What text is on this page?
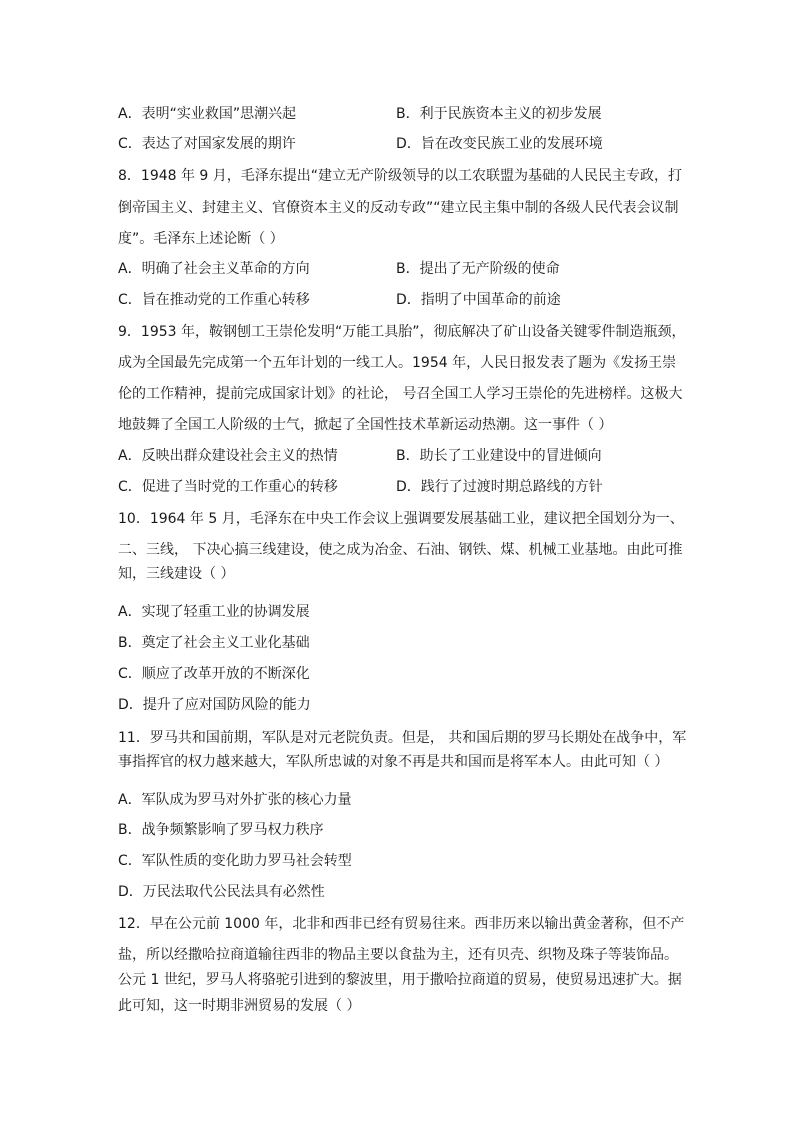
A．表明“实业救国”思潮兴起	B．利于民族资本主义的初步发展
C．表达了对国家发展的期许	D．旨在改变民族工业的发展环境
8．1948 年 9 月，毛泽东提出“建立无产阶级领导的以工农联盟为基础的人民民主专政，打
倒帝国主义、封建主义、官僚资本主义的反动专政”“建立民主集中制的各级人民代表会议制
度”。毛泽东上述论断（ ）
A．明确了社会主义革命的方向	B．提出了无产阶级的使命
C．旨在推动党的工作重心转移	D．指明了中国革命的前途
9．1953 年，鞍钢刨工王崇伦发明“万能工具胎”，彻底解决了矿山设备关键零件制造瓶颈，
成为全国最先完成第一个五年计划的一线工人。1954 年，人民日报发表了题为《发扬王崇
伦的工作精神，提前完成国家计划》的社论， 号召全国工人学习王崇伦的先进榜样。这极大
地鼓舞了全国工人阶级的士气，掀起了全国性技术革新运动热潮。这一事件（ ）
A．反映出群众建设社会主义的热情	B．助长了工业建设中的冒进倾向
C．促进了当时党的工作重心的转移	D．践行了过渡时期总路线的方针
10．1964 年 5 月，毛泽东在中央工作会议上强调要发展基础工业，建议把全国划分为一、
二、三线， 下决心搞三线建设，使之成为冶金、石油、钢铁、煤、机械工业基地。由此可推
知，三线建设（ ）
A．实现了轻重工业的协调发展
B．奠定了社会主义工业化基础
C．顺应了改革开放的不断深化
D．提升了应对国防风险的能力
11．罗马共和国前期，军队是对元老院负责。但是， 共和国后期的罗马长期处在战争中，军
事指挥官的权力越来越大，军队所忠诚的对象不再是共和国而是将军本人。由此可知（ ）
A．军队成为罗马对外扩张的核心力量
B．战争频繁影响了罗马权力秩序
C．军队性质的变化助力罗马社会转型
D．万民法取代公民法具有必然性
12．早在公元前 1000 年，北非和西非已经有贸易往来。西非历来以输出黄金著称，但不产
盐，所以经撒哈拉商道输往西非的物品主要以食盐为主，还有贝壳、织物及珠子等装饰品。
公元 1 世纪，罗马人将骆驼引进到的黎波里，用于撒哈拉商道的贸易，使贸易迅速扩大。据
此可知，这一时期非洲贸易的发展（ ）
